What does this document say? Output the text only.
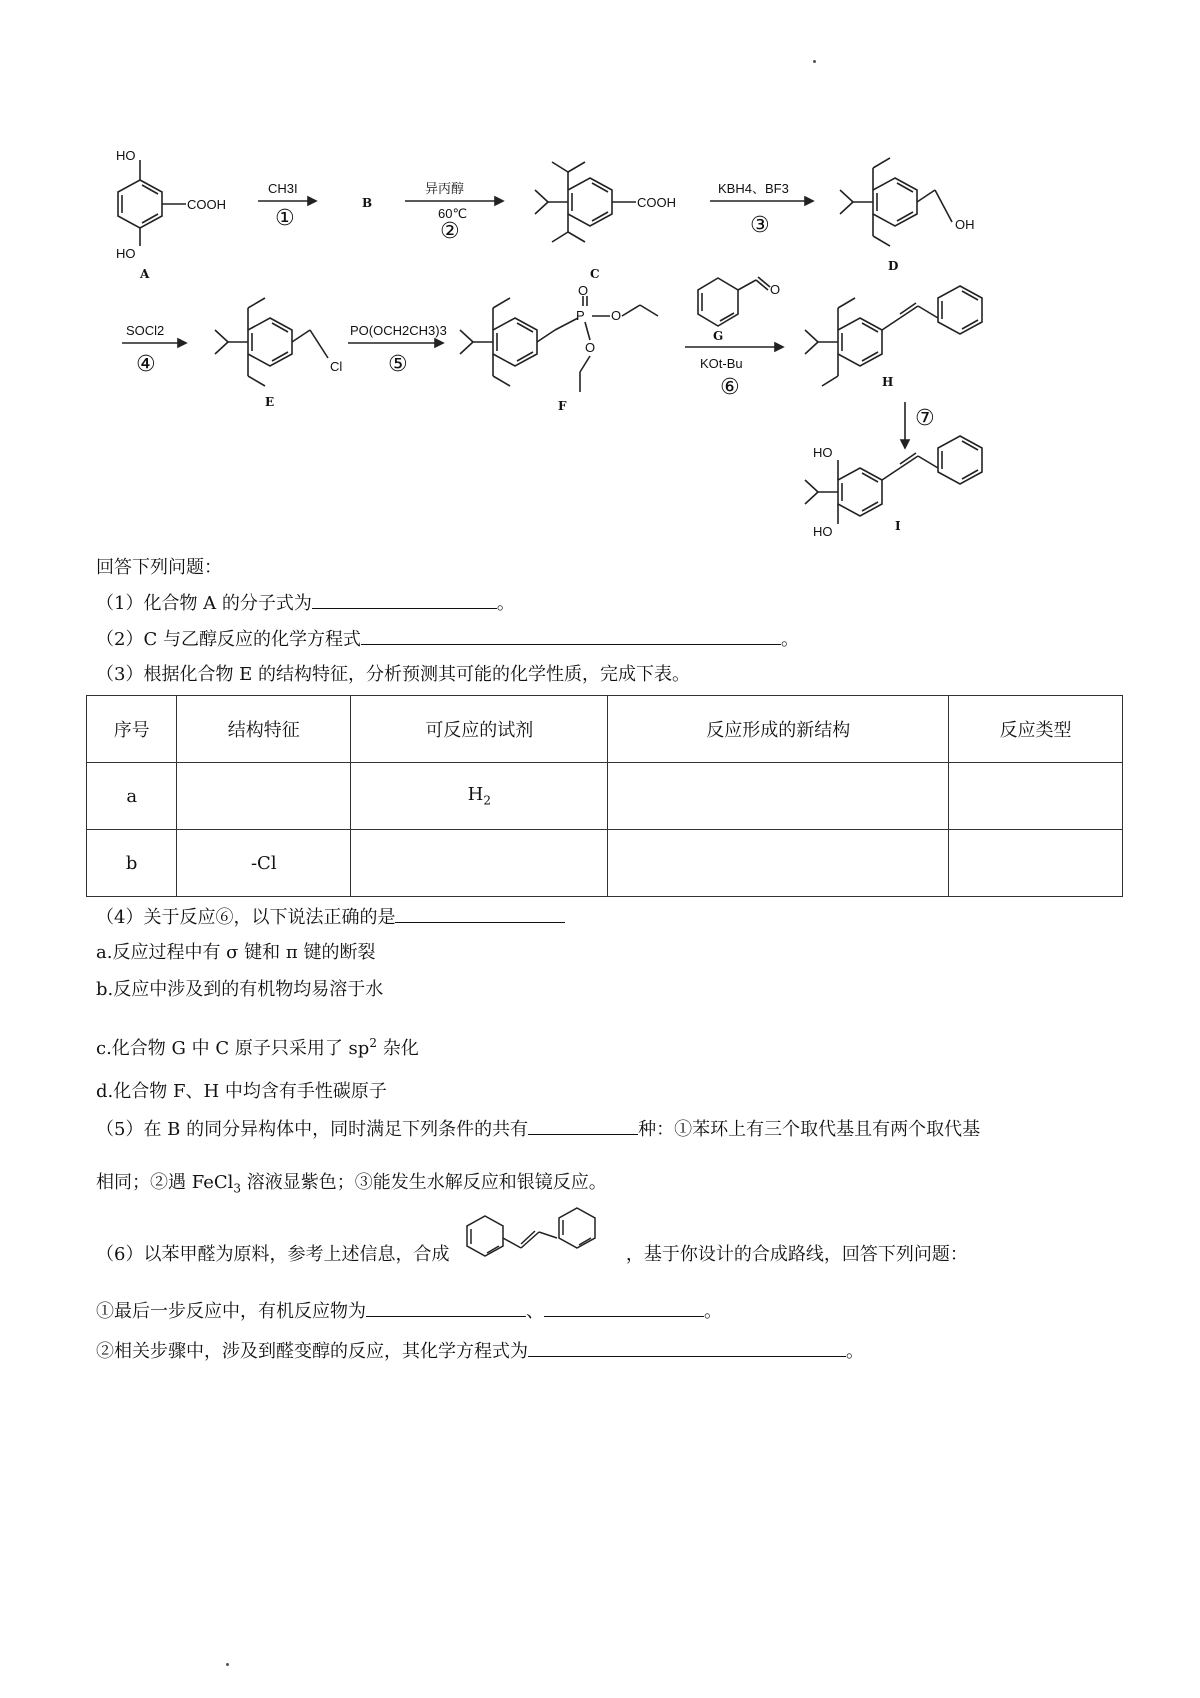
HO
HO
COOH
A
CH3I
①
B
异丙醇
60℃
②
COOH
C
KBH4、BF3
③	OH
D
SOCl2
④	Cl
E
PO(OCH2CH3)3
⑤
P
O
O
O
F
O
G
KOt-Bu
⑥	H
⑦
HO
HO	I
回答下列问题：
（1）化合物 A 的分子式为	。
（2）C 与乙醇反应的化学方程式	。
（3）根据化合物 E 的结构特征，分析预测其可能的化学性质，完成下表。
序号	结构特征	可反应的试剂	反应形成的新结构	反应类型
a		$H_2$		
b	-Cl			
（4）关于反应⑥，以下说法正确的是
a.反应过程中有 σ 键和 π 键的断裂
b.反应中涉及到的有机物均易溶于水
c.化合物 G 中 C 原子只采用了 $sp^2$ 杂化
d.化合物 F、H 中均含有手性碳原子
（5）在 B 的同分异构体中，同时满足下列条件的共有	种：①苯环上有三个取代基且有两个取代基
相同；②遇 FeCl$_3$ 溶液显紫色；③能发生水解反应和银镜反应。
（6）以苯甲醛为原料，参考上述信息，合成	，基于你设计的合成路线，回答下列问题：
①最后一步反应中，有机反应物为	、	。
②相关步骤中，涉及到醛变醇的反应，其化学方程式为	。
